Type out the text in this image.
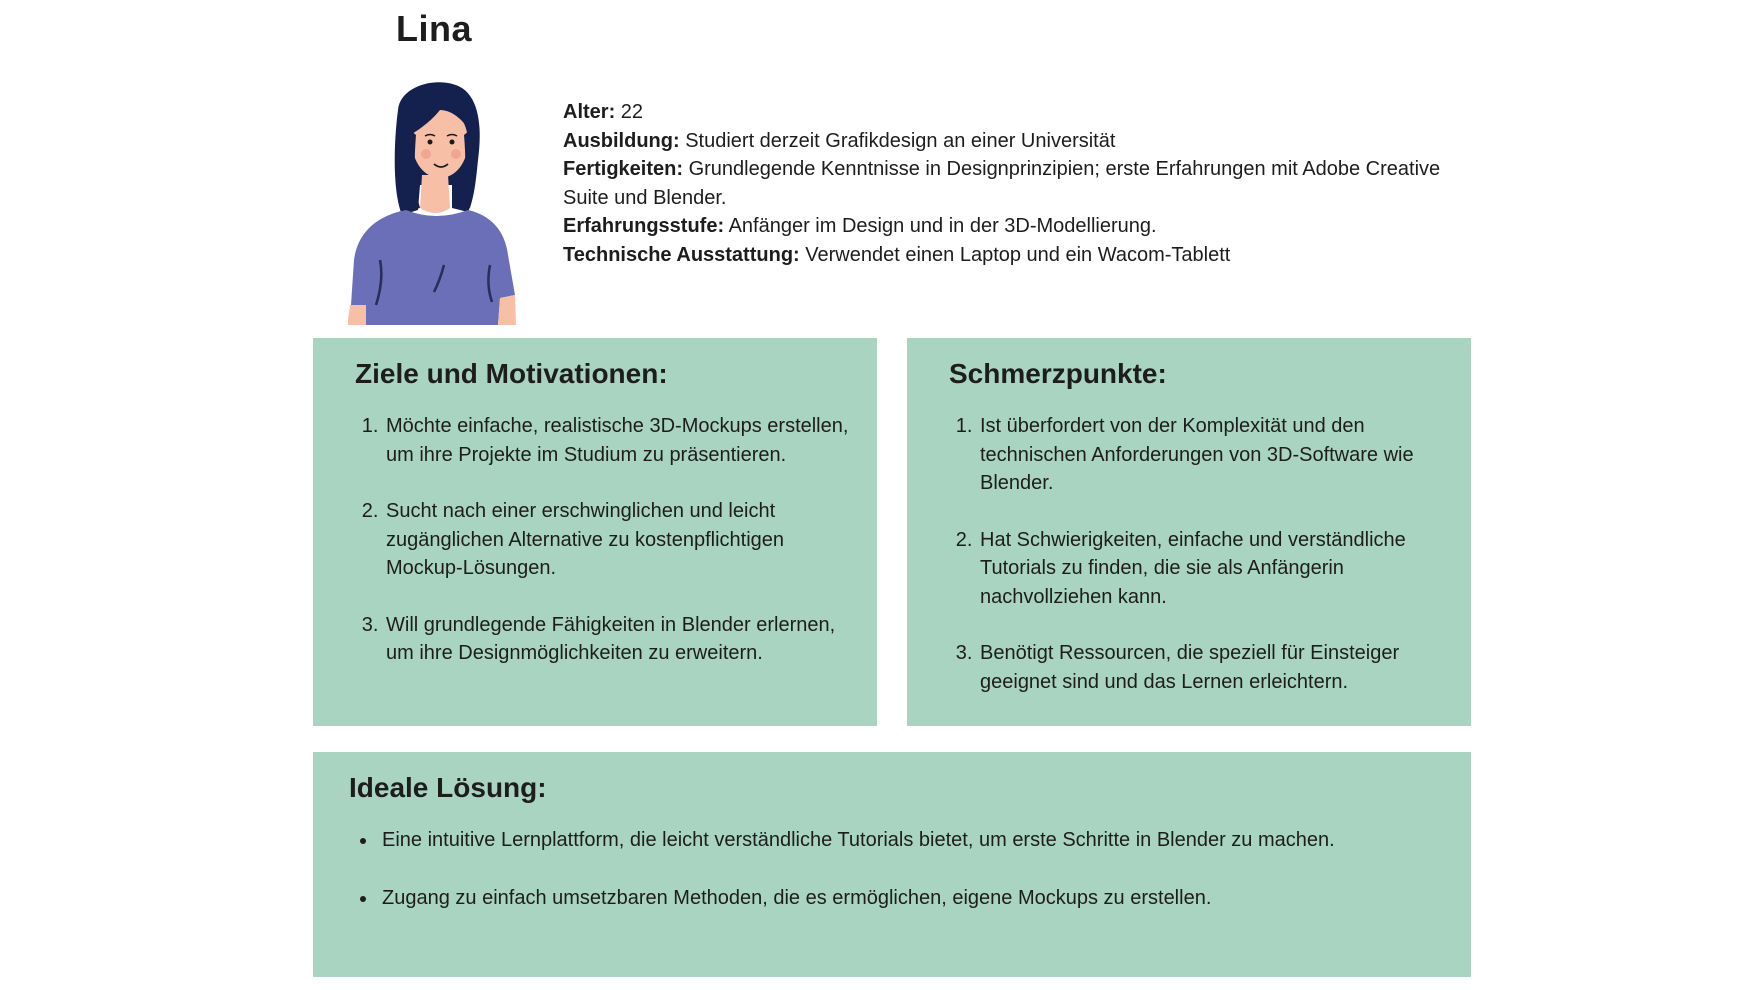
Lina

Alter: 22

Ausbildung: Studiert derzeit Grafikdesign an einer Universität

Fertigkeiten: Grundlegende Kenntnisse in Designprinzipien; erste Erfahrungen mit Adobe Creative Suite und Blender.

Erfahrungsstufe: Anfänger im Design und in der 3D-Modellierung.

Technische Ausstattung: Verwendet einen Laptop und ein Wacom-Tablett

Ziele und Motivationen:
1. Möchte einfache, realistische 3D-Mockups erstellen, um ihre Projekte im Studium zu präsentieren.
2. Sucht nach einer erschwinglichen und leicht zugänglichen Alternative zu kostenpflichtigen Mockup-Lösungen.
3. Will grundlegende Fähigkeiten in Blender erlernen, um ihre Designmöglichkeiten zu erweitern.
Schmerzpunkte:
1. Ist überfordert von der Komplexität und den technischen Anforderungen von 3D-Software wie Blender.
2. Hat Schwierigkeiten, einfache und verständliche Tutorials zu finden, die sie als Anfängerin nachvollziehen kann.
3. Benötigt Ressourcen, die speziell für Einsteiger geeignet sind und das Lernen erleichtern.
Ideale Lösung:
• Eine intuitive Lernplattform, die leicht verständliche Tutorials bietet, um erste Schritte in Blender zu machen.
• Zugang zu einfach umsetzbaren Methoden, die es ermöglichen, eigene Mockups zu erstellen.
